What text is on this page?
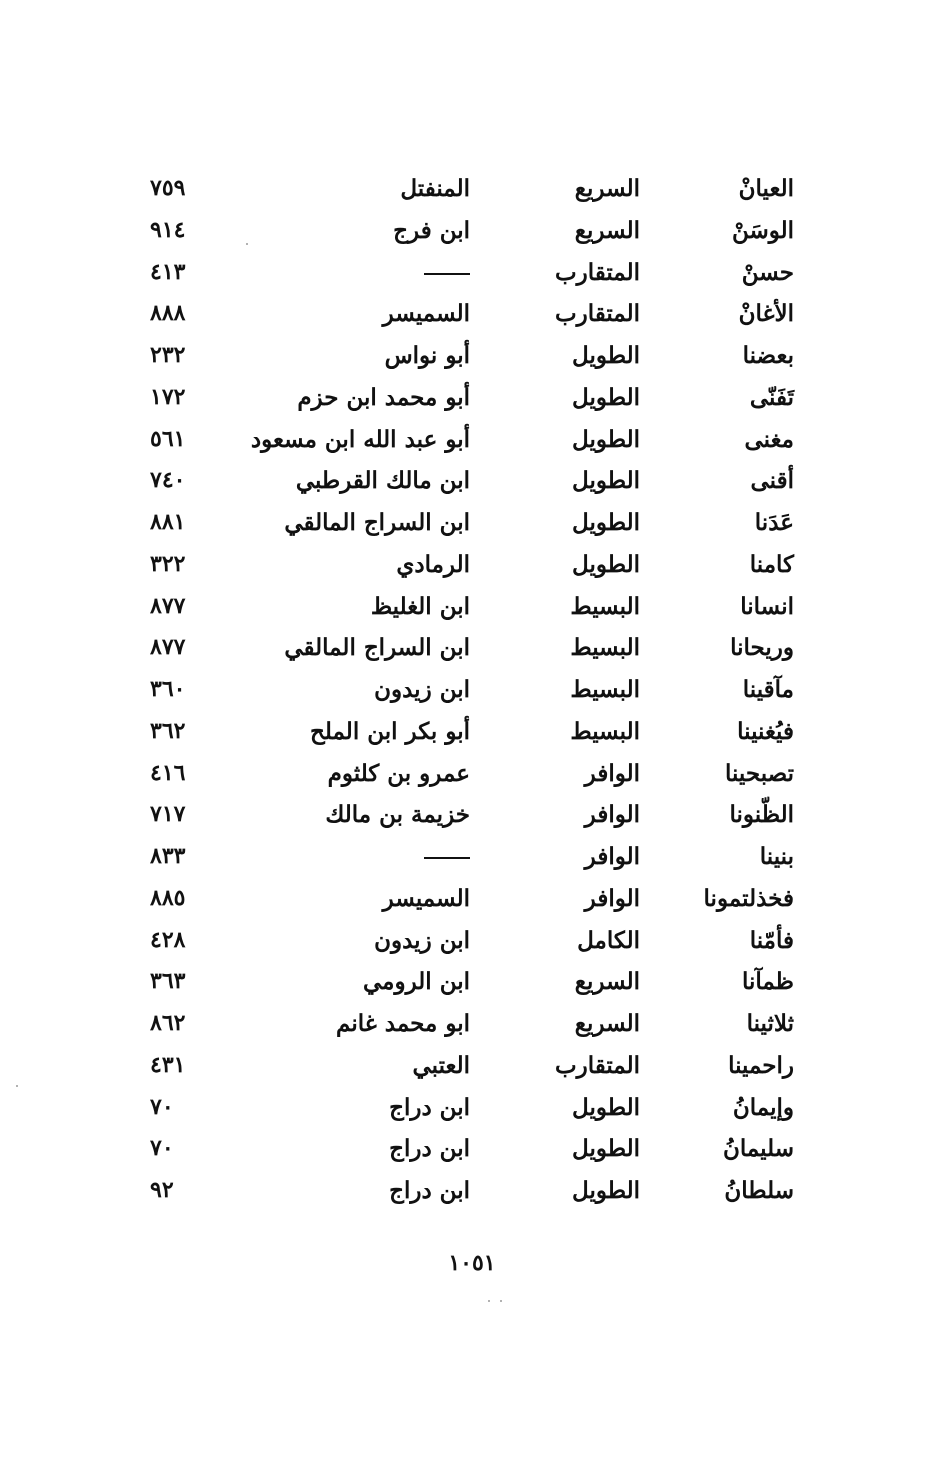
العيانْ
السريع
المنفتل
٧٥٩
الوسَنْ
السريع
ابن فرج
٩١٤
حسنْ
المتقارب
٤١٣
الأغانْ
المتقارب
السميسر
٨٨٨
بعضنا
الطويل
أبو نواس
٢٣٢
تَفَنّى
الطويل
أبو محمد ابن حزم
١٧٢
مغنى
الطويل
أبو عبد الله ابن مسعود
٥٦١
أقنى
الطويل
ابن مالك القرطبي
٧٤٠
عَدَنا
الطويل
ابن السراج المالقي
٨٨١
كامنا
الطويل
الرمادي
٣٢٢
انسانا
البسيط
ابن الغليظ
٨٧٧
وريحانا
البسيط
ابن السراج المالقي
٨٧٧
مآقينا
البسيط
ابن زيدون
٣٦٠
فيُغنينا
البسيط
أبو بكر ابن الملح
٣٦٢
تصبحينا
الوافر
عمرو بن كلثوم
٤١٦
الظّنونا
الوافر
خزيمة بن مالك
٧١٧
بنينا
الوافر
٨٣٣
فخذلتمونا
الوافر
السميسر
٨٨٥
فأمّنا
الكامل
ابن زيدون
٤٢٨
ظمآنا
السريع
ابن الرومي
٣٦٣
ثلاثينا
السريع
ابو محمد غانم
٨٦٢
راحمينا
المتقارب
العتبي
٤٣١
وإيمانُ
الطويل
ابن دراج
٧٠
سليمانُ
الطويل
ابن دراج
٧٠
سلطانُ
الطويل
ابن دراج
٩٢
١٠٥١
